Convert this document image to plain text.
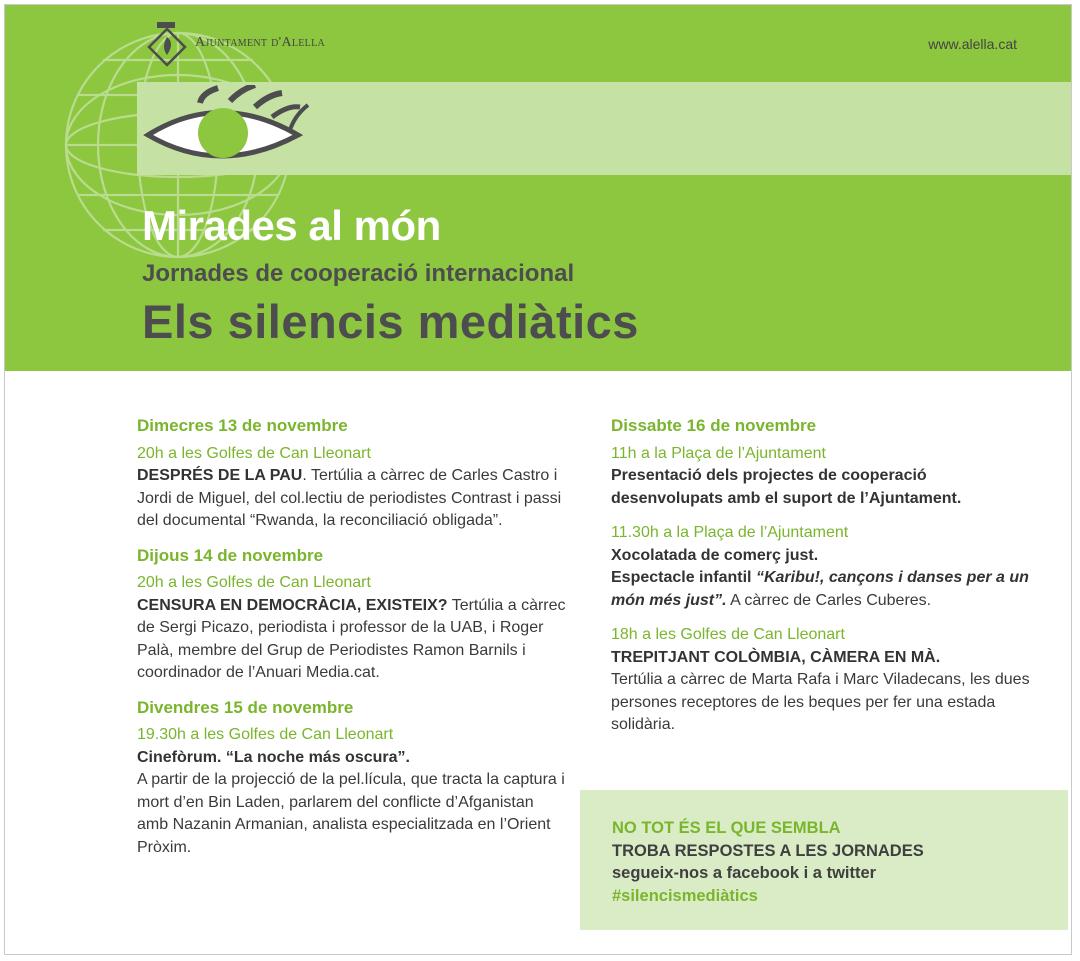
Ajuntament d'Alella	www.alella.cat
Mirades al món
Jornades de cooperació internacional
Els silencis mediàtics

Dimecres 13 de novembre

20h a les Golfes de Can Lleonart

DESPRÉS DE LA PAU. Tertúlia a càrrec de Carles Castro i Jordi de Miguel, del col.lectiu de periodistes Contrast i passi del documental “Rwanda, la reconciliació obligada”.

Dijous 14 de novembre

20h a les Golfes de Can Lleonart

CENSURA EN DEMOCRÀCIA, EXISTEIX? Tertúlia a càrrec de Sergi Picazo, periodista i professor de la UAB, i Roger Palà, membre del Grup de Periodistes Ramon Barnils i coordinador de l’Anuari Media.cat.

Divendres 15 de novembre

19.30h a les Golfes de Can Lleonart

Cinefòrum. “La noche más oscura”.
A partir de la projecció de la pel.lícula, que tracta la captura i mort d’en Bin Laden, parlarem del conflicte d’Afganistan amb Nazanin Armanian, analista especialitzada en l’Orient Pròxim.

Dissabte 16 de novembre

11h a la Plaça de l’Ajuntament

Presentació dels projectes de cooperació desenvolupats amb el suport de l’Ajuntament.

11.30h a la Plaça de l’Ajuntament

Xocolatada de comerç just.
Espectacle infantil “Karibu!, cançons i danses per a un món més just”. A càrrec de Carles Cuberes.

18h a les Golfes de Can Lleonart

TREPITJANT COLÒMBIA, CÀMERA EN MÀ.
Tertúlia a càrrec de Marta Rafa i Marc Viladecans, les dues persones receptores de les beques per fer una estada solidària.

NO TOT ÉS EL QUE SEMBLA
TROBA RESPOSTES A LES JORNADES
segueix-nos a facebook i a twitter
#silencismediàtics
